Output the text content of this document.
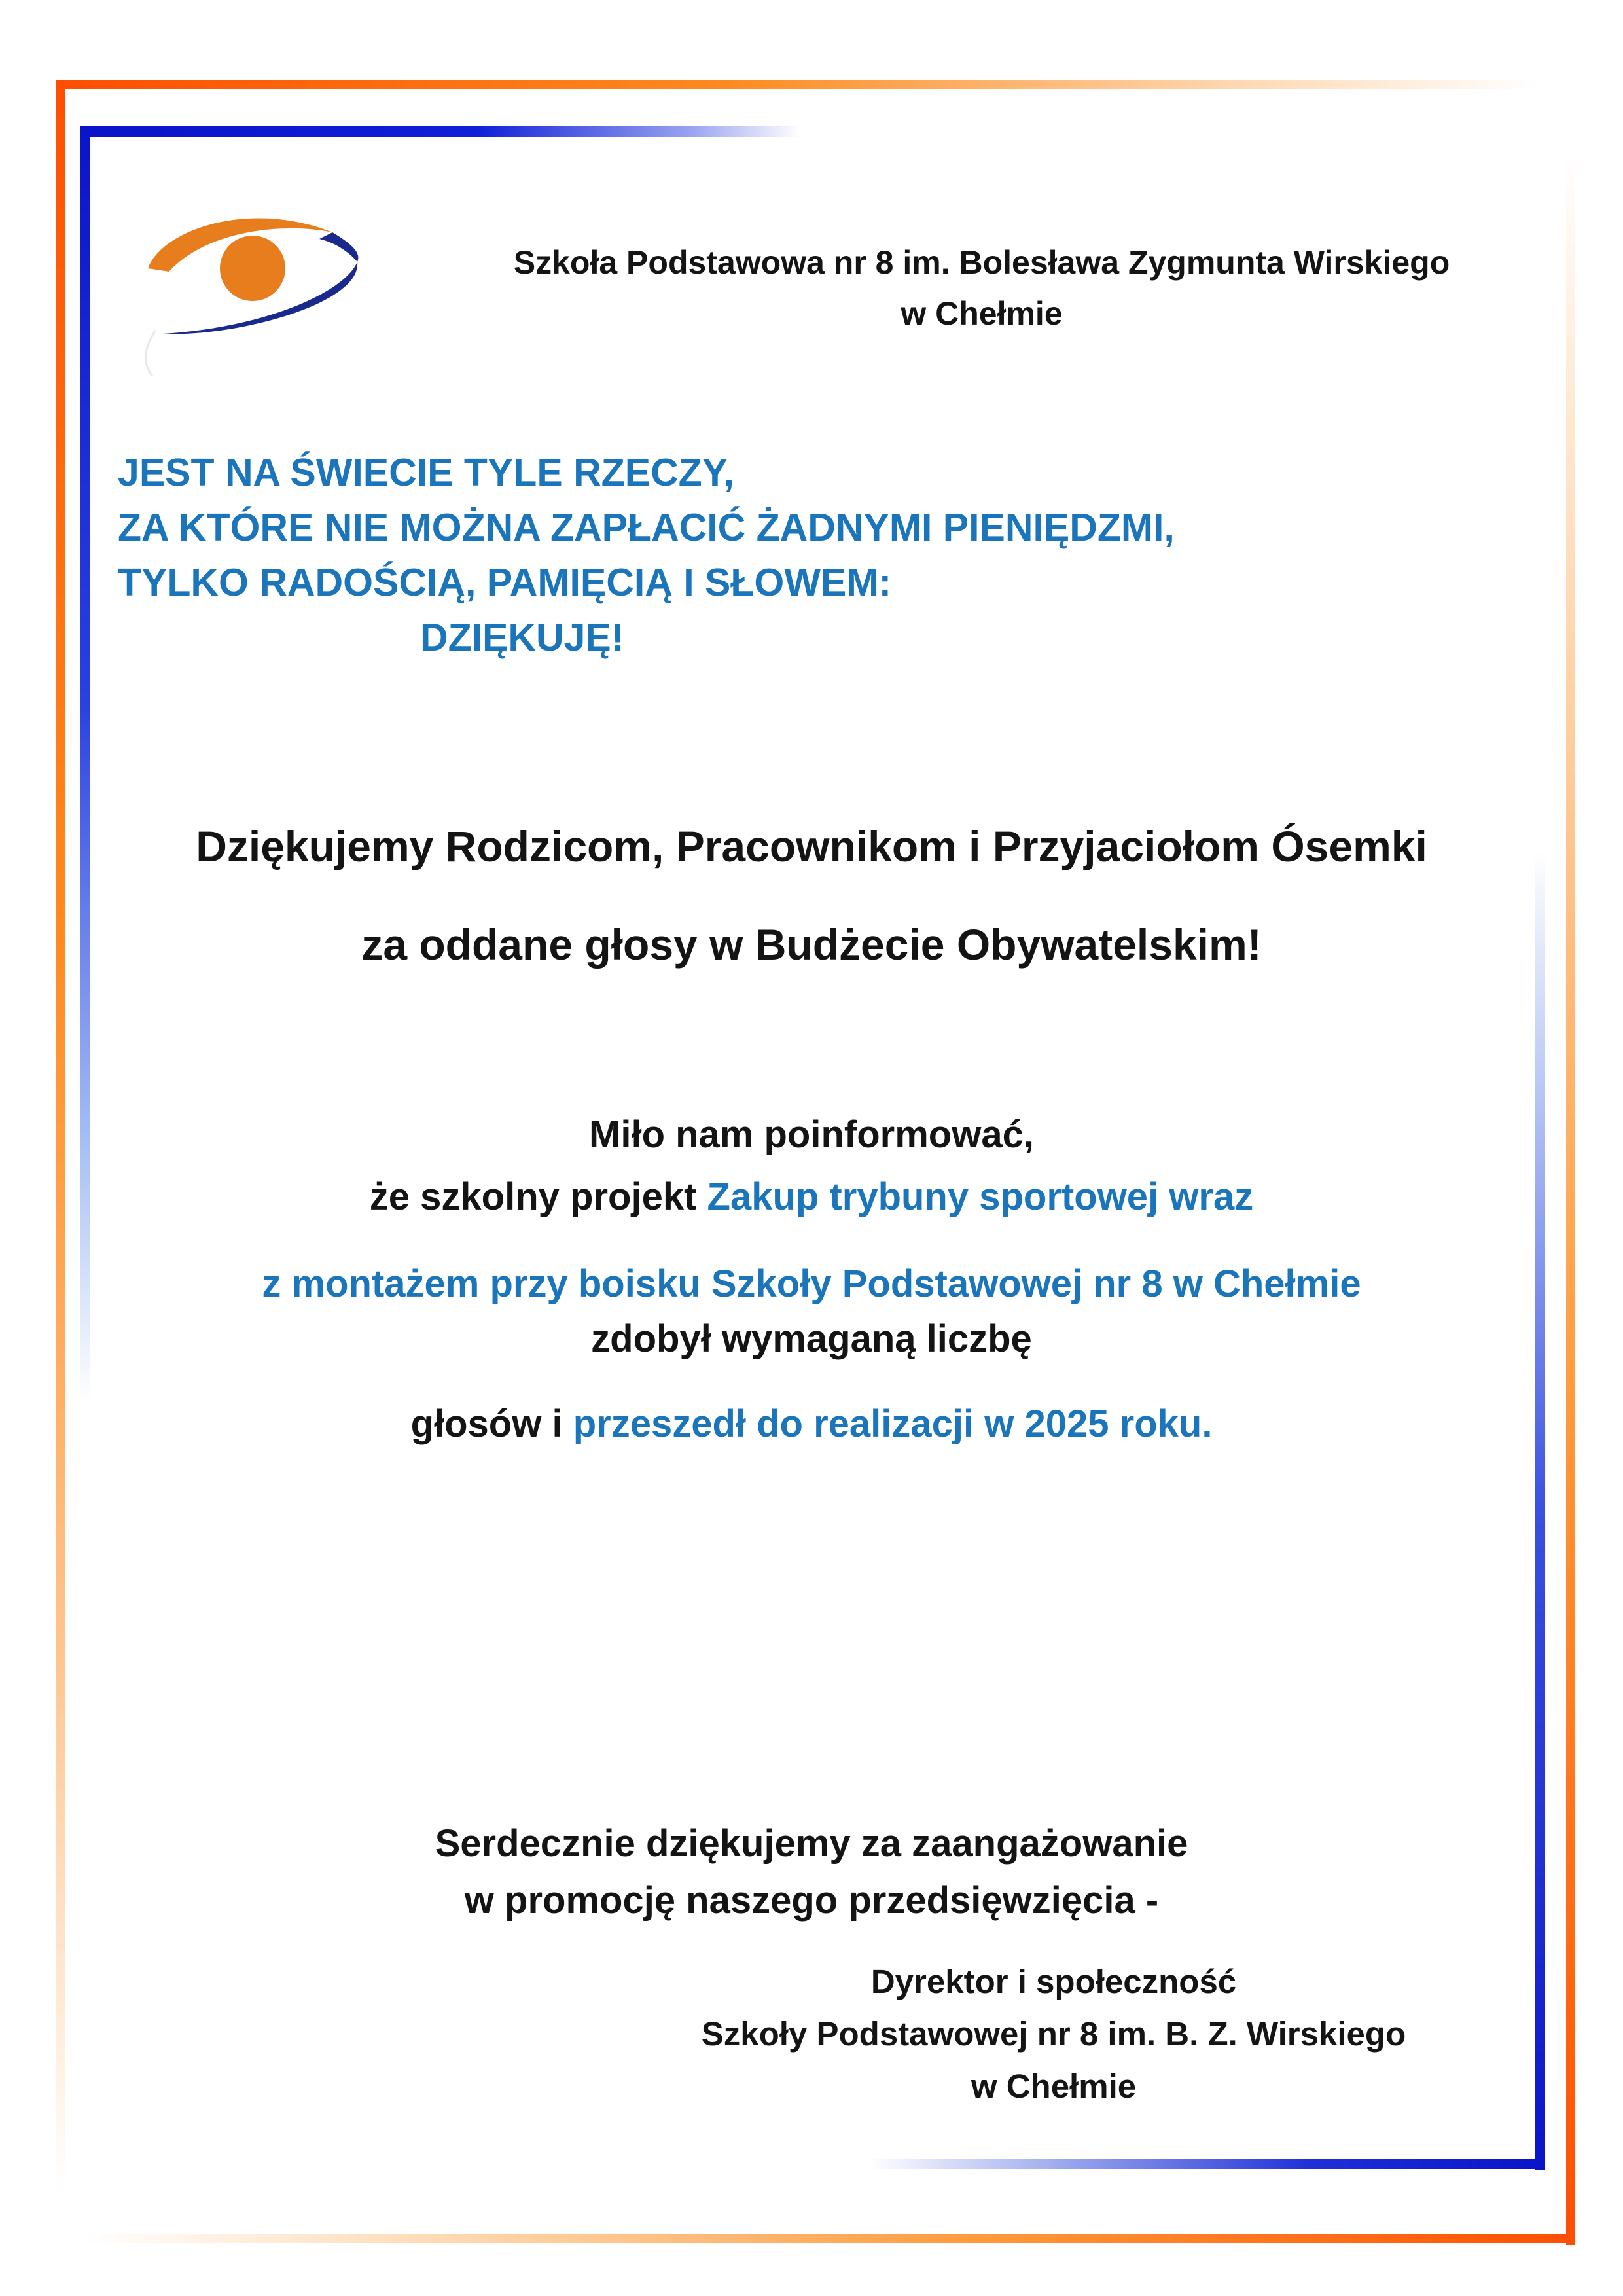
Szkoła Podstawowa nr 8 im. Bolesława Zygmunta Wirskiego
w Chełmie
JEST NA ŚWIECIE TYLE RZECZY,
ZA KTÓRE NIE MOŻNA ZAPŁACIĆ ŻADNYMI PIENIĘDZMI,
TYLKO RADOŚCIĄ, PAMIĘCIĄ I SŁOWEM:
DZIĘKUJĘ!
Dziękujemy Rodzicom, Pracownikom i Przyjaciołom Ósemki
za oddane głosy w Budżecie Obywatelskim!
Miło nam poinformować,
że szkolny projekt Zakup trybuny sportowej wraz
z montażem przy boisku Szkoły Podstawowej nr 8 w Chełmie
zdobył wymaganą liczbę
głosów i przeszedł do realizacji w 2025 roku.
Serdecznie dziękujemy za zaangażowanie
w promocję naszego przedsięwzięcia -
Dyrektor i społeczność
Szkoły Podstawowej nr 8 im. B. Z. Wirskiego
w Chełmie
